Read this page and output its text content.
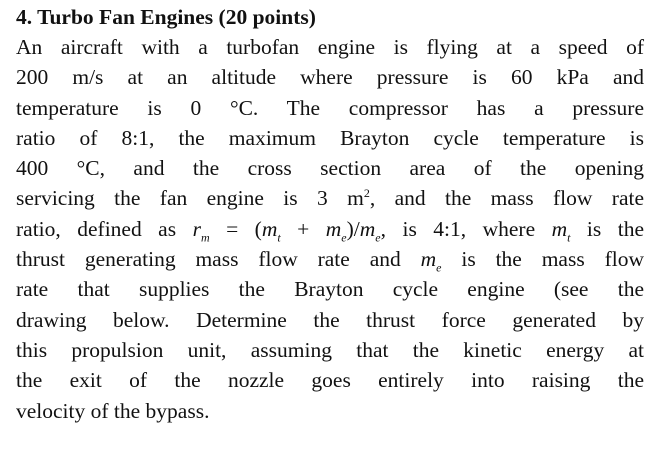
4. Turbo Fan Engines (20 points)
An aircraft with a turbofan engine is flying at a speed of
200 m/s at an altitude where pressure is 60 kPa and
temperature is 0 °C. The compressor has a pressure
ratio of 8:1, the maximum Brayton cycle temperature is
400 °C, and the cross section area of the opening
servicing the fan engine is 3 $m^2$, and the mass flow rate
ratio, defined as $r_m = (m_t + m_e)/m_e$, is 4:1, where $m_t$ is the
thrust generating mass flow rate and $m_e$ is the mass flow
rate that supplies the Brayton cycle engine (see the
drawing below. Determine the thrust force generated by
this propulsion unit, assuming that the kinetic energy at
the exit of the nozzle goes entirely into raising the
velocity of the bypass.
